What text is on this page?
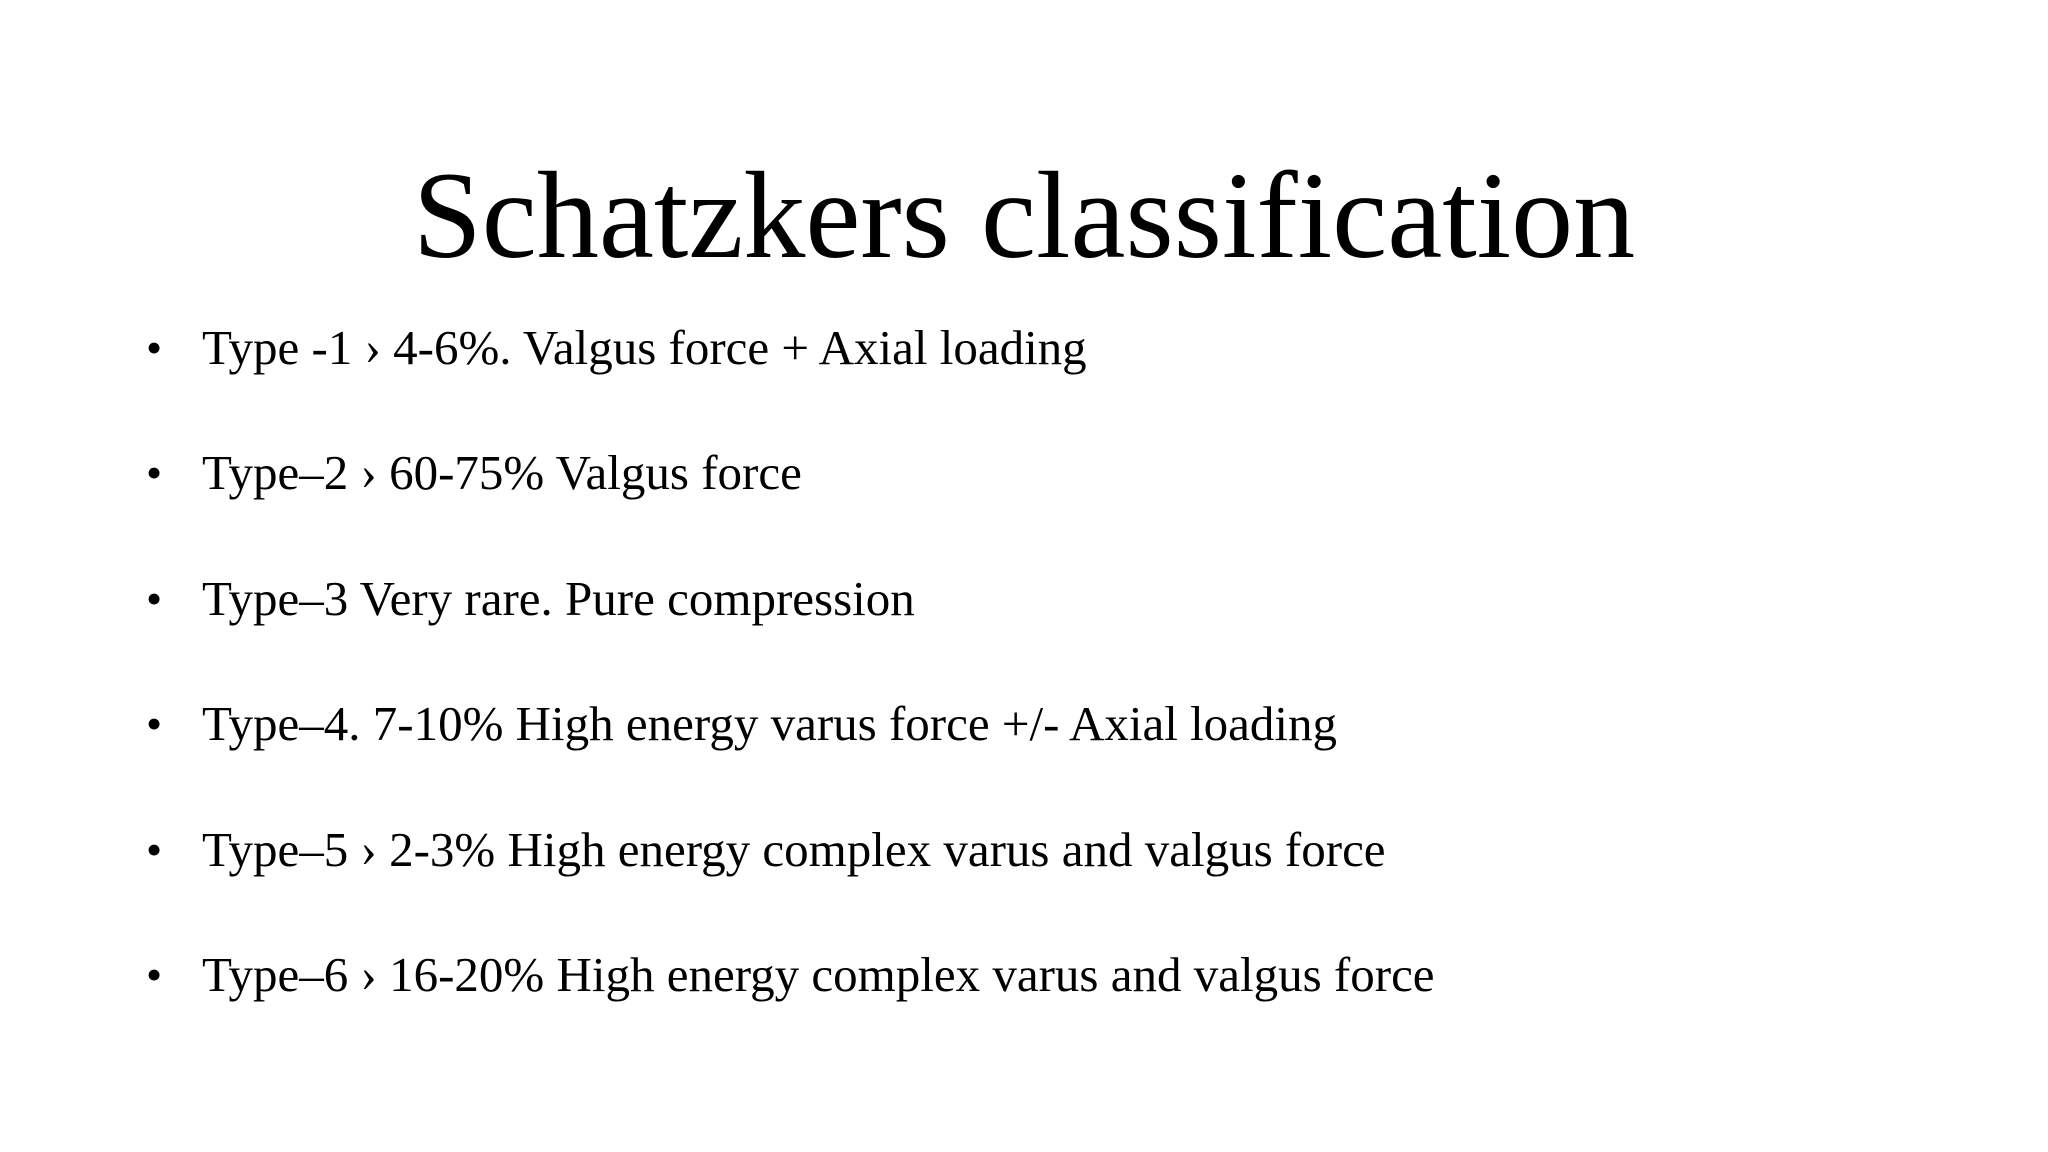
Schatzkers classification
• Type -1 › 4-6%. Valgus force + Axial loading
• Type–2 › 60-75% Valgus force
• Type–3 Very rare. Pure compression
• Type–4. 7-10% High energy varus force +/- Axial loading
• Type–5 › 2-3% High energy complex varus and valgus force
• Type–6 › 16-20% High energy complex varus and valgus force
